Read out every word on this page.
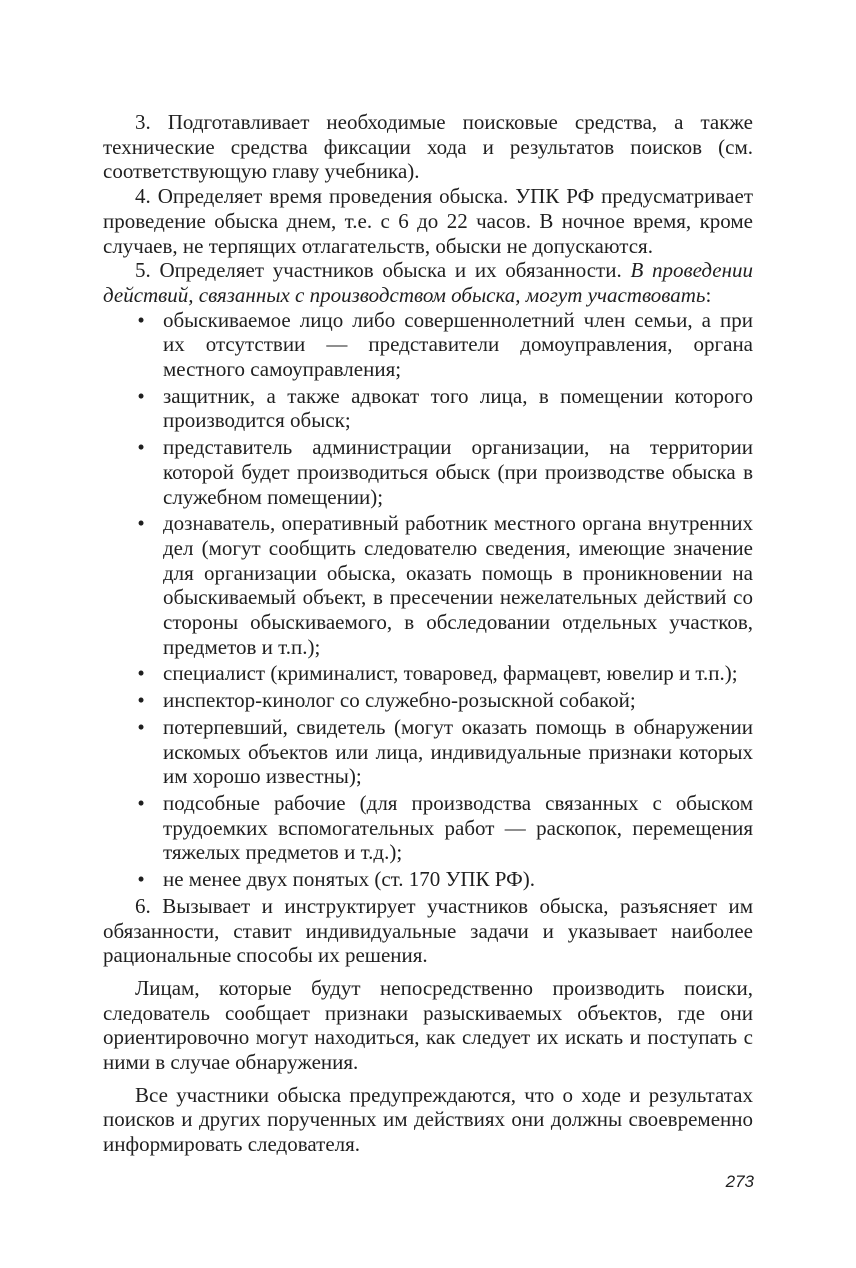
3. Подготавливает необходимые поисковые средства, а также технические средства фиксации хода и результатов поисков (см. соответствующую главу учебника).

4. Определяет время проведения обыска. УПК РФ предусматривает проведение обыска днем, т.е. с 6 до 22 часов. В ночное время, кроме случаев, не терпящих отлагательств, обыски не допускаются.

5. Определяет участников обыска и их обязанности. В проведении действий, связанных с производством обыска, могут участвовать:

• обыскиваемое лицо либо совершеннолетний член семьи, а при их отсутствии — представители домоуправления, органа местного самоуправления;
• защитник, а также адвокат того лица, в помещении которого производится обыск;
• представитель администрации организации, на территории которой будет производиться обыск (при производстве обыска в служебном помещении);
• дознаватель, оперативный работник местного органа внутренних дел (могут сообщить следователю сведения, имеющие значение для организации обыска, оказать помощь в проникновении на обыскиваемый объект, в пресечении нежелательных действий со стороны обыскиваемого, в обследовании отдельных участков, предметов и т.п.);
• специалист (криминалист, товаровед, фармацевт, ювелир и т.п.);
• инспектор-кинолог со служебно-розыскной собакой;
• потерпевший, свидетель (могут оказать помощь в обнаружении искомых объектов или лица, индивидуальные признаки которых им хорошо известны);
• подсобные рабочие (для производства связанных с обыском трудоемких вспомогательных работ — раскопок, перемещения тяжелых предметов и т.д.);
• не менее двух понятых (ст. 170 УПК РФ).

6. Вызывает и инструктирует участников обыска, разъясняет им обязанности, ставит индивидуальные задачи и указывает наиболее рациональные способы их решения.

Лицам, которые будут непосредственно производить поиски, следователь сообщает признаки разыскиваемых объектов, где они ориентировочно могут находиться, как следует их искать и поступать с ними в случае обнаружения.

Все участники обыска предупреждаются, что о ходе и результатах поисков и других порученных им действиях они должны своевременно информировать следователя.

273
